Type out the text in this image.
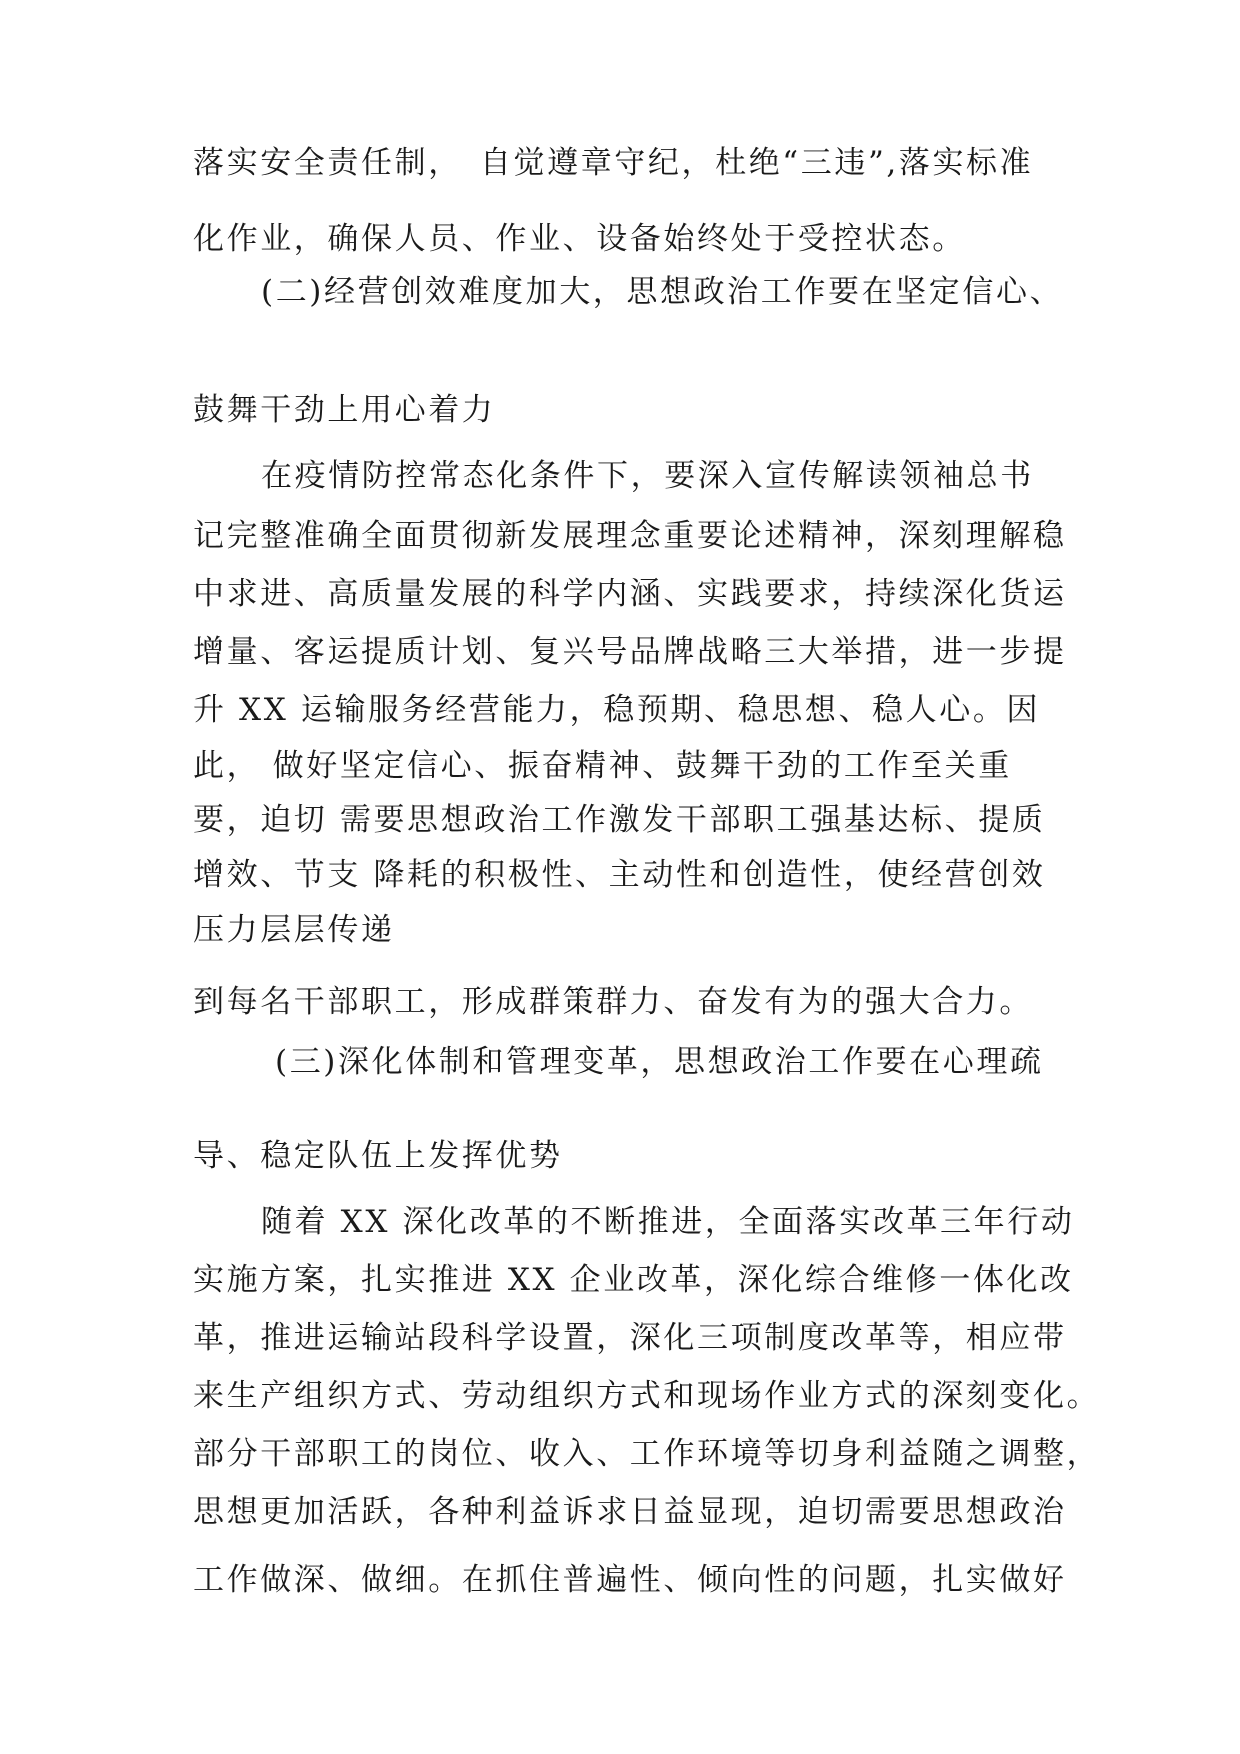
落实安全责任制，　自觉遵章守纪，杜绝“三违”,落实标准
化作业，确保人员、作业、设备始终处于受控状态。
(二)经营创效难度加大，思想政治工作要在坚定信心、
鼓舞干劲上用心着力
在疫情防控常态化条件下，要深入宣传解读领袖总书
记完整准确全面贯彻新发展理念重要论述精神，深刻理解稳
中求进、高质量发展的科学内涵、实践要求，持续深化货运
增量、客运提质计划、复兴号品牌战略三大举措，进一步提
升 XX 运输服务经营能力，稳预期、稳思想、稳人心。因
此， 做好坚定信心、振奋精神、鼓舞干劲的工作至关重
要，迫切 需要思想政治工作激发干部职工强基达标、提质
增效、节支 降耗的积极性、主动性和创造性，使经营创效
压力层层传递
到每名干部职工，形成群策群力、奋发有为的强大合力。
(三)深化体制和管理变革，思想政治工作要在心理疏
导、稳定队伍上发挥优势
随着 XX 深化改革的不断推进，全面落实改革三年行动
实施方案，扎实推进 XX 企业改革，深化综合维修一体化改
革，推进运输站段科学设置，深化三项制度改革等，相应带
来生产组织方式、劳动组织方式和现场作业方式的深刻变化。
部分干部职工的岗位、收入、工作环境等切身利益随之调整，
思想更加活跃，各种利益诉求日益显现，迫切需要思想政治
工作做深、做细。在抓住普遍性、倾向性的问题，扎实做好
